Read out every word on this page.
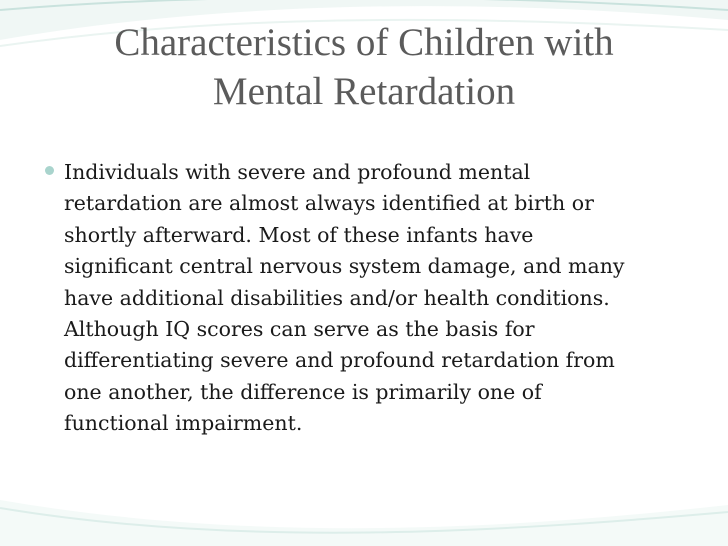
Characteristics of Children with
Mental Retardation
Individuals with severe and profound mental
retardation are almost always identified at birth or
shortly afterward. Most of these infants have
significant central nervous system damage, and many
have additional disabilities and/or health conditions.
Although IQ scores can serve as the basis for
differentiating severe and profound retardation from
one another, the difference is primarily one of
functional impairment.
